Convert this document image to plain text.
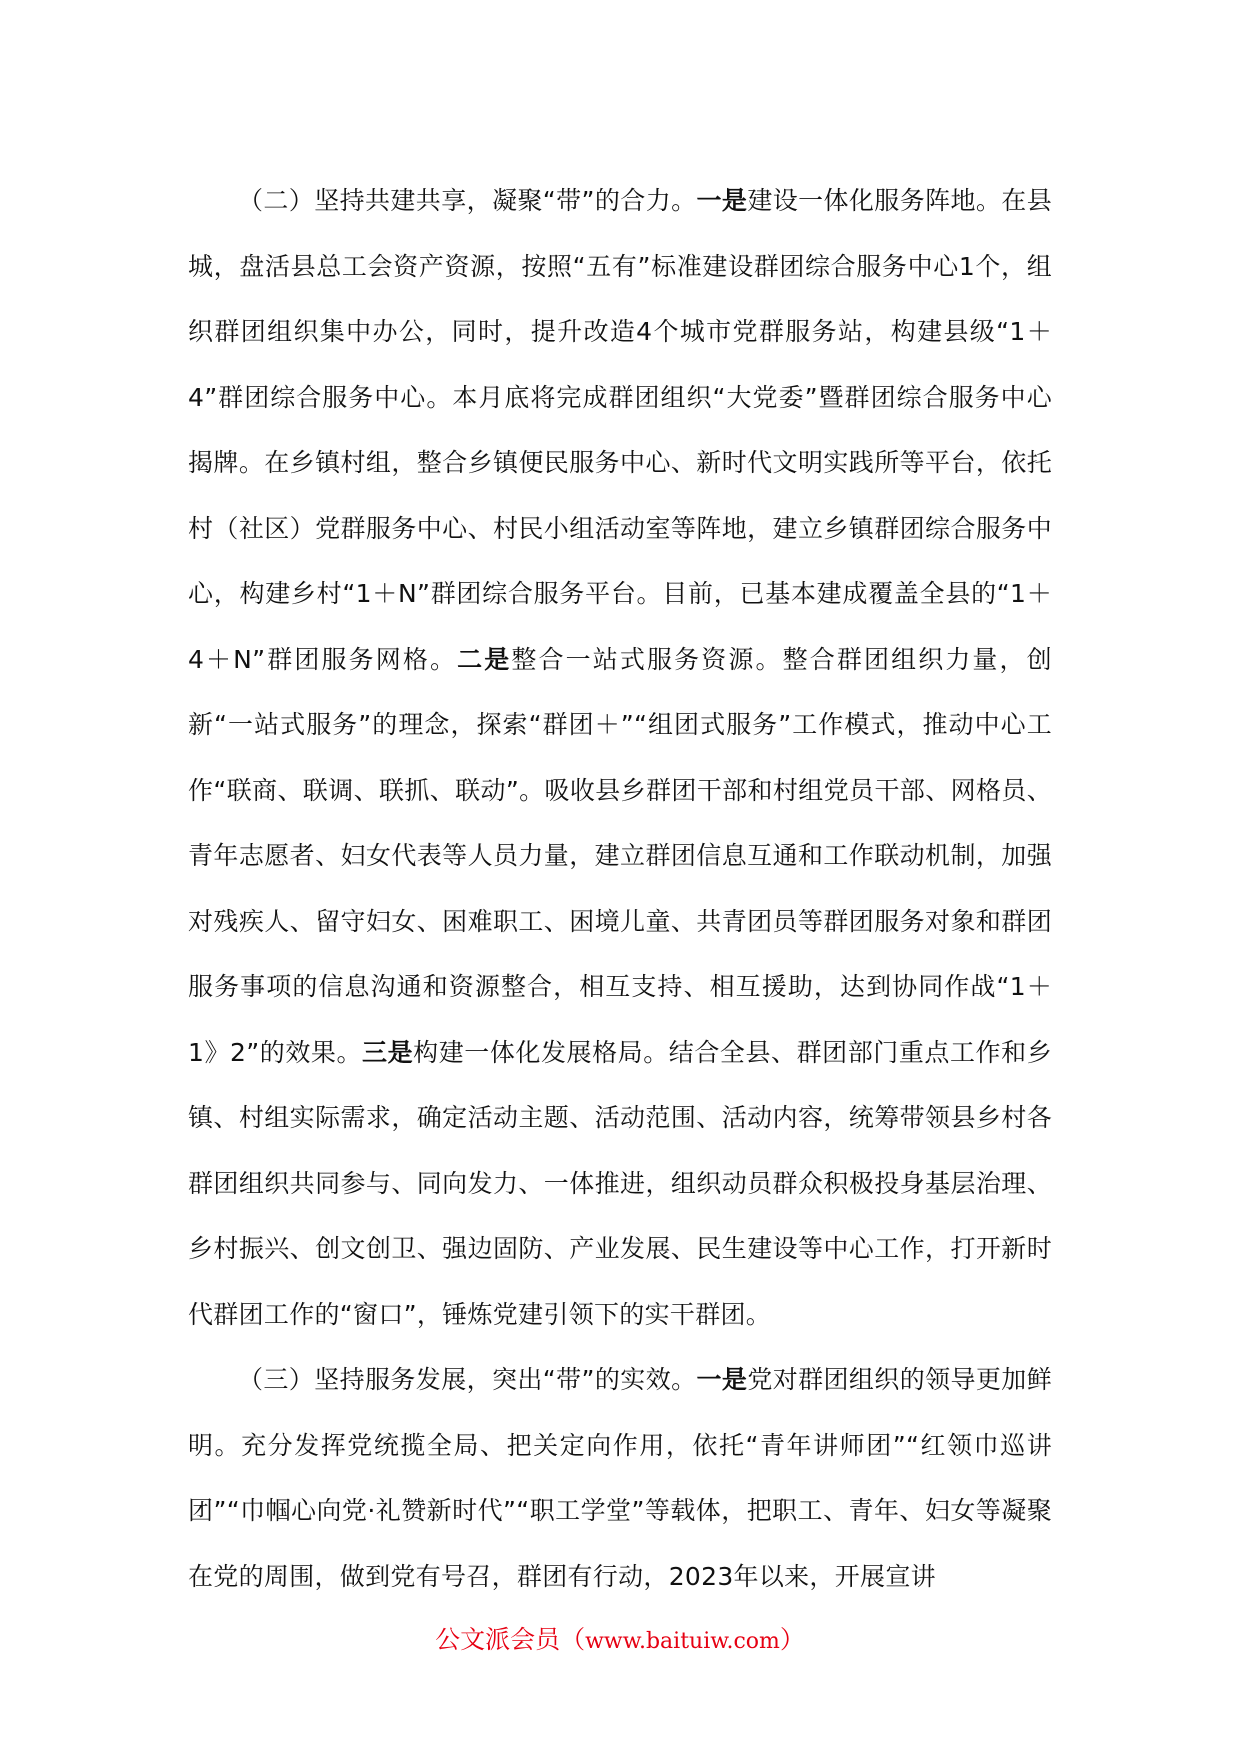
（二）坚持共建共享，凝聚“带”的合力。一是建设一体化服务阵地。在县城，盘活县总工会资产资源，按照“五有”标准建设群团综合服务中心1个，组织群团组织集中办公，同时，提升改造4个城市党群服务站，构建县级“1＋4”群团综合服务中心。本月底将完成群团组织“大党委”暨群团综合服务中心揭牌。在乡镇村组，整合乡镇便民服务中心、新时代文明实践所等平台，依托村（社区）党群服务中心、村民小组活动室等阵地，建立乡镇群团综合服务中心，构建乡村“1＋N”群团综合服务平台。目前，已基本建成覆盖全县的“1＋4＋N”群团服务网格。二是整合一站式服务资源。整合群团组织力量，创新“一站式服务”的理念，探索“群团＋”“组团式服务”工作模式，推动中心工作“联商、联调、联抓、联动”。吸收县乡群团干部和村组党员干部、网格员、青年志愿者、妇女代表等人员力量，建立群团信息互通和工作联动机制，加强对残疾人、留守妇女、困难职工、困境儿童、共青团员等群团服务对象和群团服务事项的信息沟通和资源整合，相互支持、相互援助，达到协同作战“1＋1》2”的效果。三是构建一体化发展格局。结合全县、群团部门重点工作和乡镇、村组实际需求，确定活动主题、活动范围、活动内容，统筹带领县乡村各群团组织共同参与、同向发力、一体推进，组织动员群众积极投身基层治理、乡村振兴、创文创卫、强边固防、产业发展、民生建设等中心工作，打开新时代群团工作的“窗口”，锤炼党建引领下的实干群团。

（三）坚持服务发展，突出“带”的实效。一是党对群团组织的领导更加鲜明。充分发挥党统揽全局、把关定向作用，依托“青年讲师团”“红领巾巡讲团”“巾帼心向党·礼赞新时代”“职工学堂”等载体，把职工、青年、妇女等凝聚在党的周围，做到党有号召，群团有行动，2023年以来，开展宣讲

公文派会员（www.baituiw.com）
